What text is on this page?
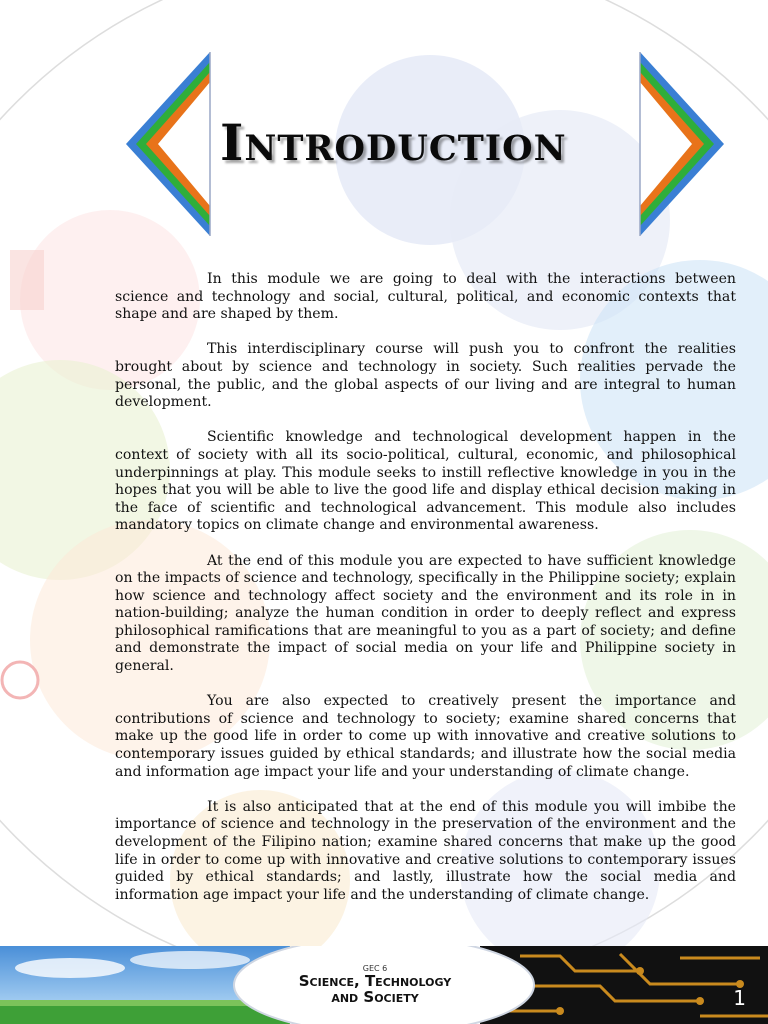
Introduction

In this module we are going to deal with the interactions between science and technology and social, cultural, political, and economic contexts that shape and are shaped by them.

This interdisciplinary course will push you to confront the realities brought about by science and technology in society. Such realities pervade the personal, the public, and the global aspects of our living and are integral to human development.

Scientific knowledge and technological development happen in the context of society with all its socio-political, cultural, economic, and philosophical underpinnings at play. This module seeks to instill reflective knowledge in you in the hopes that you will be able to live the good life and display ethical decision making in the face of scientific and technological advancement. This module also includes mandatory topics on climate change and environmental awareness.

At the end of this module you are expected to have sufficient knowledge on the impacts of science and technology, specifically in the Philippine society; explain how science and technology affect society and the environment and its role in in nation-building; analyze the human condition in order to deeply reflect and express philosophical ramifications that are meaningful to you as a part of society; and define and demonstrate the impact of social media on your life and Philippine society in general.

You are also expected to creatively present the importance and contributions of science and technology to society; examine shared concerns that make up the good life in order to come up with innovative and creative solutions to contemporary issues guided by ethical standards; and illustrate how the social media and information age impact your life and your understanding of climate change.

It is also anticipated that at the end of this module you will imbibe the importance of science and technology in the preservation of the environment and the development of the Filipino nation; examine shared concerns that make up the good life in order to come up with innovative and creative solutions to contemporary issues guided by ethical standards; and lastly, illustrate how the social media and information age impact your life and the understanding of climate change.

GEC 6
Science, Technology
and Society	1
